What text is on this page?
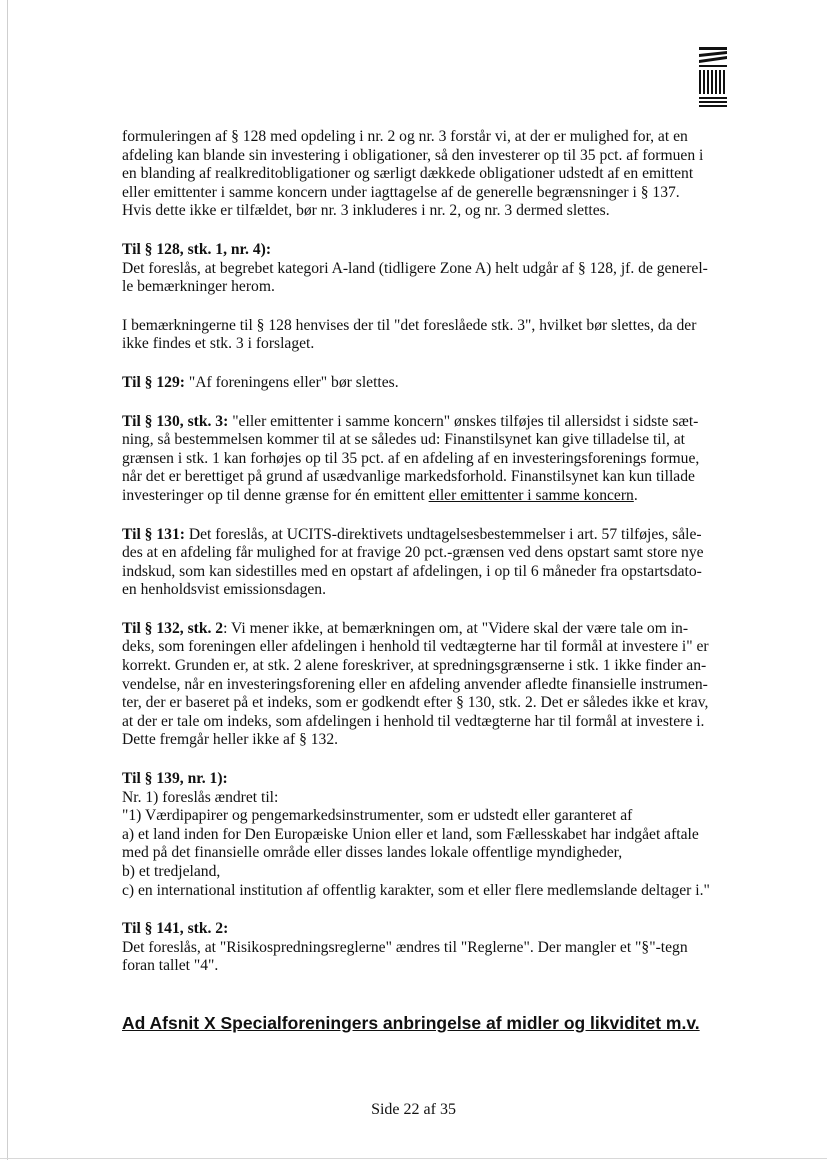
formuleringen af § 128 med opdeling i nr. 2 og nr. 3 forstår vi, at der er mulighed for, at en
afdeling kan blande sin investering i obligationer, så den investerer op til 35 pct. af formuen i
en blanding af realkreditobligationer og særligt dækkede obligationer udstedt af en emittent
eller emittenter i samme koncern under iagttagelse af de generelle begrænsninger i § 137.
Hvis dette ikke er tilfældet, bør nr. 3 inkluderes i nr. 2, og nr. 3 dermed slettes.
Til § 128, stk. 1, nr. 4):
Det foreslås, at begrebet kategori A-land (tidligere Zone A) helt udgår af § 128, jf. de generel-
le bemærkninger herom.
I bemærkningerne til § 128 henvises der til "det foreslåede stk. 3", hvilket bør slettes, da der
ikke findes et stk. 3 i forslaget.
Til § 129: "Af foreningens eller" bør slettes.
Til § 130, stk. 3: "eller emittenter i samme koncern" ønskes tilføjes til allersidst i sidste sæt-
ning, så bestemmelsen kommer til at se således ud: Finanstilsynet kan give tilladelse til, at
grænsen i stk. 1 kan forhøjes op til 35 pct. af en afdeling af en investeringsforenings formue,
når det er berettiget på grund af usædvanlige markedsforhold. Finanstilsynet kan kun tillade
investeringer op til denne grænse for én emittent eller emittenter i samme koncern.
Til § 131: Det foreslås, at UCITS-direktivets undtagelsesbestemmelser i art. 57 tilføjes, såle-
des at en afdeling får mulighed for at fravige 20 pct.-grænsen ved dens opstart samt store nye
indskud, som kan sidestilles med en opstart af afdelingen, i op til 6 måneder fra opstartsdato-
en henholdsvist emissionsdagen.
Til § 132, stk. 2: Vi mener ikke, at bemærkningen om, at "Videre skal der være tale om in-
deks, som foreningen eller afdelingen i henhold til vedtægterne har til formål at investere i" er
korrekt. Grunden er, at stk. 2 alene foreskriver, at spredningsgrænserne i stk. 1 ikke finder an-
vendelse, når en investeringsforening eller en afdeling anvender afledte finansielle instrumen-
ter, der er baseret på et indeks, som er godkendt efter § 130, stk. 2. Det er således ikke et krav,
at der er tale om indeks, som afdelingen i henhold til vedtægterne har til formål at investere i.
Dette fremgår heller ikke af § 132.
Til § 139, nr. 1):
Nr. 1) foreslås ændret til:
"1) Værdipapirer og pengemarkedsinstrumenter, som er udstedt eller garanteret af
a) et land inden for Den Europæiske Union eller et land, som Fællesskabet har indgået aftale
med på det finansielle område eller disses landes lokale offentlige myndigheder,
b) et tredjeland,
c) en international institution af offentlig karakter, som et eller flere medlemslande deltager i."
Til § 141, stk. 2:
Det foreslås, at "Risikospredningsreglerne" ændres til "Reglerne". Der mangler et "§"-tegn
foran tallet "4".
Ad Afsnit X Specialforeningers anbringelse af midler og likviditet m.v.
Side 22 af 35
